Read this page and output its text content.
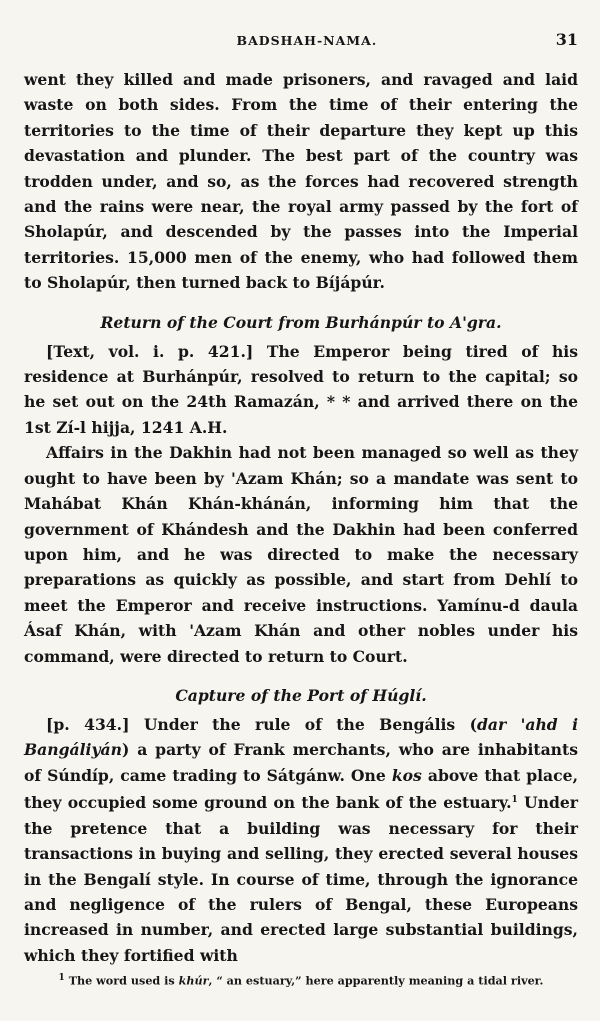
BADSHAH-NAMA.	31

went they killed and made prisoners, and ravaged and laid waste on both sides. From the time of their entering the territories to the time of their departure they kept up this devastation and plunder. The best part of the country was trodden under, and so, as the forces had recovered strength and the rains were near, the royal army passed by the fort of Sholapúr, and descended by the passes into the Imperial territories. 15,000 men of the enemy, who had followed them to Sholapúr, then turned back to Bíjápúr.

Return of the Court from Burhánpúr to A'gra.

[Text, vol. i. p. 421.] The Emperor being tired of his residence at Burhánpúr, resolved to return to the capital; so he set out on the 24th Ramazán, * * and arrived there on the 1st Zí-l hijja, 1241 A.H.

Affairs in the Dakhin had not been managed so well as they ought to have been by 'Azam Khán; so a mandate was sent to Mahábat Khán Khán-khánán, informing him that the government of Khándesh and the Dakhin had been conferred upon him, and he was directed to make the necessary preparations as quickly as possible, and start from Dehlí to meet the Emperor and receive instructions. Yamínu-d daula Ásaf Khán, with 'Azam Khán and other nobles under his command, were directed to return to Court.

Capture of the Port of Húglí.

[p. 434.] Under the rule of the Bengális (dar 'ahd i Bangáliyán) a party of Frank merchants, who are inhabitants of Súndíp, came trading to Sátgánw. One kos above that place, they occupied some ground on the bank of the estuary.$^1$ Under the pretence that a building was necessary for their transactions in buying and selling, they erected several houses in the Bengalí style. In course of time, through the ignorance and negligence of the rulers of Bengal, these Europeans increased in number, and erected large substantial buildings, which they fortified with

$^1$ The word used is khúr, “ an estuary,” here apparently meaning a tidal river.
